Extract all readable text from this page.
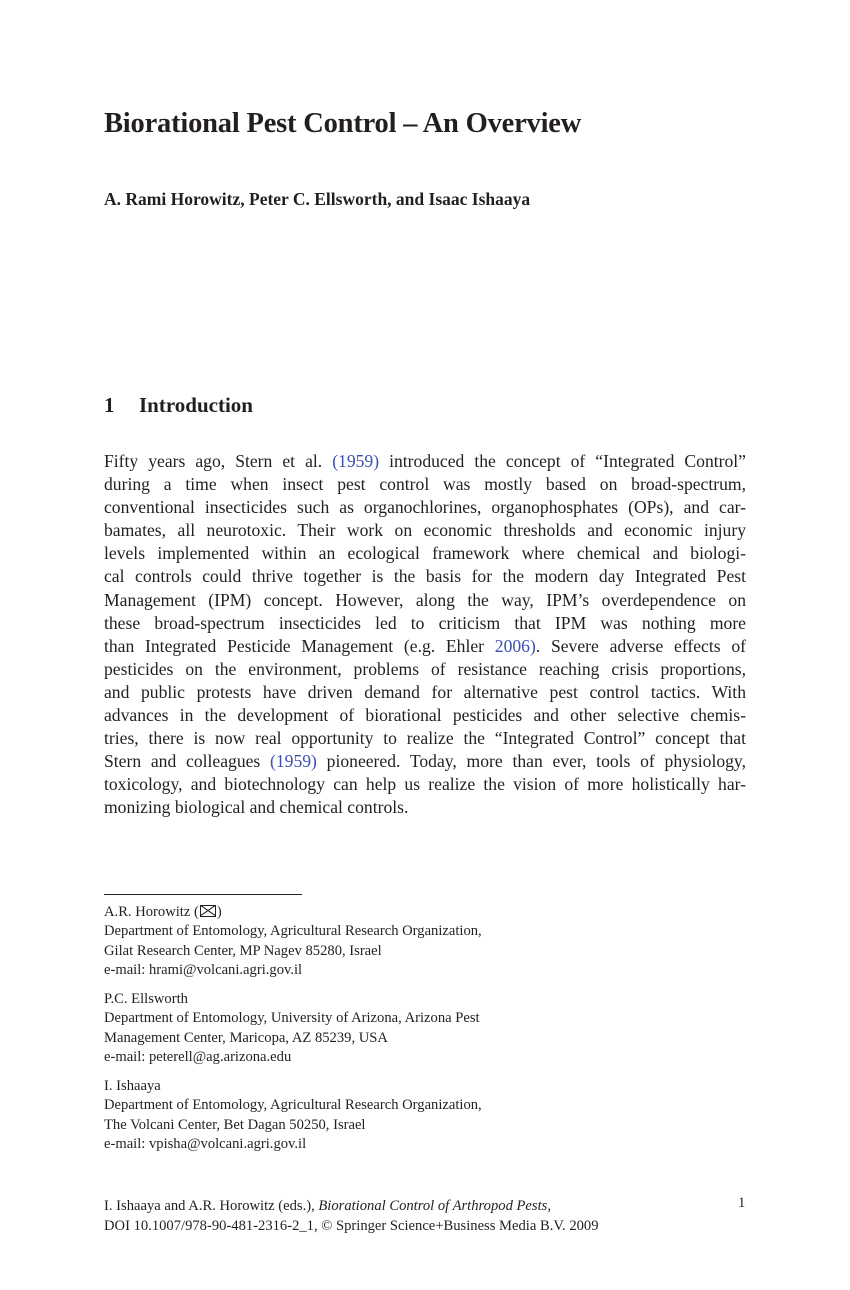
Biorational Pest Control – An Overview
A. Rami Horowitz, Peter C. Ellsworth, and Isaac Ishaaya
1 Introduction
Fifty years ago, Stern et al. (1959) introduced the concept of “Integrated Control”
during a time when insect pest control was mostly based on broad-spectrum,
conventional insecticides such as organochlorines, organophosphates (OPs), and car-
bamates, all neurotoxic. Their work on economic thresholds and economic injury
levels implemented within an ecological framework where chemical and biologi-
cal controls could thrive together is the basis for the modern day Integrated Pest
Management (IPM) concept. However, along the way, IPM’s overdependence on
these broad-spectrum insecticides led to criticism that IPM was nothing more
than Integrated Pesticide Management (e.g. Ehler 2006). Severe adverse effects of
pesticides on the environment, problems of resistance reaching crisis proportions,
and public protests have driven demand for alternative pest control tactics. With
advances in the development of biorational pesticides and other selective chemis-
tries, there is now real opportunity to realize the “Integrated Control” concept that
Stern and colleagues (1959) pioneered. Today, more than ever, tools of physiology,
toxicology, and biotechnology can help us realize the vision of more holistically har-
monizing biological and chemical controls.
A.R. Horowitz ( )
Department of Entomology, Agricultural Research Organization,
Gilat Research Center, MP Nagev 85280, Israel
e-mail: hrami@volcani.agri.gov.il
P.C. Ellsworth
Department of Entomology, University of Arizona, Arizona Pest
Management Center, Maricopa, AZ 85239, USA
e-mail: peterell@ag.arizona.edu
I. Ishaaya
Department of Entomology, Agricultural Research Organization,
The Volcani Center, Bet Dagan 50250, Israel
e-mail: vpisha@volcani.agri.gov.il
I. Ishaaya and A.R. Horowitz (eds.), Biorational Control of Arthropod Pests,
DOI 10.1007/978-90-481-2316-2_1, © Springer Science+Business Media B.V. 2009
1
